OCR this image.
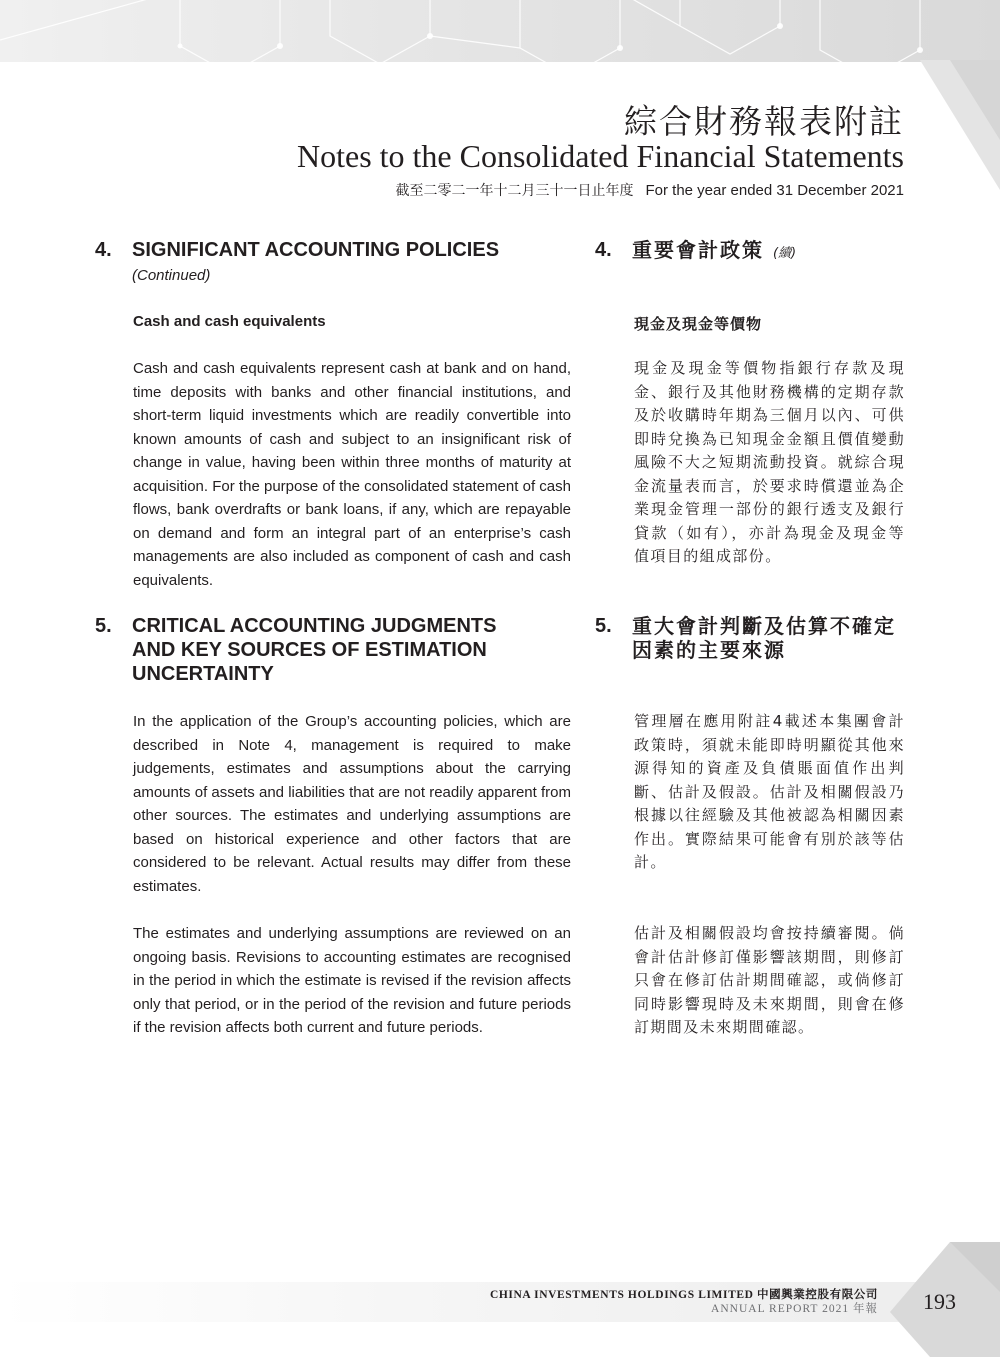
綜合財務報表附註
Notes to the Consolidated Financial Statements
截至二零二一年十二月三十一日止年度 For the year ended 31 December 2021
4. SIGNIFICANT ACCOUNTING POLICIES
(Continued)
Cash and cash equivalents
Cash and cash equivalents represent cash at bank and on hand, time deposits with banks and other financial institutions, and short-term liquid investments which are readily convertible into known amounts of cash and subject to an insignificant risk of change in value, having been within three months of maturity at acquisition. For the purpose of the consolidated statement of cash flows, bank overdrafts or bank loans, if any, which are repayable on demand and form an integral part of an enterprise’s cash managements are also included as component of cash and cash equivalents.
4. 重要會計政策 (續)
現金及現金等價物
現金及現金等價物指銀行存款及現金、銀行及其他財務機構的定期存款及於收購時年期為三個月以內、可供即時兌換為已知現金金額且價值變動風險不大之短期流動投資。就綜合現金流量表而言，於要求時償還並為企業現金管理一部份的銀行透支及銀行貸款（如有），亦計為現金及現金等值項目的組成部份。
5. CRITICAL ACCOUNTING JUDGMENTS
AND KEY SOURCES OF ESTIMATION
UNCERTAINTY
In the application of the Group’s accounting policies, which are described in Note 4, management is required to make judgements, estimates and assumptions about the carrying amounts of assets and liabilities that are not readily apparent from other sources. The estimates and underlying assumptions are based on historical experience and other factors that are considered to be relevant. Actual results may differ from these estimates.
The estimates and underlying assumptions are reviewed on an ongoing basis. Revisions to accounting estimates are recognised in the period in which the estimate is revised if the revision affects only that period, or in the period of the revision and future periods if the revision affects both current and future periods.
5. 重大會計判斷及估算不確定
因素的主要來源
管理層在應用附註4載述本集團會計政策時，須就未能即時明顯從其他來源得知的資產及負債賬面值作出判斷、估計及假設。估計及相關假設乃根據以往經驗及其他被認為相關因素作出。實際結果可能會有別於該等估計。
估計及相關假設均會按持續審閱。倘會計估計修訂僅影響該期間，則修訂只會在修訂估計期間確認，或倘修訂同時影響現時及未來期間，則會在修訂期間及未來期間確認。
CHINA INVESTMENTS HOLDINGS LIMITED 中國興業控股有限公司
ANNUAL REPORT 2021 年報 193
